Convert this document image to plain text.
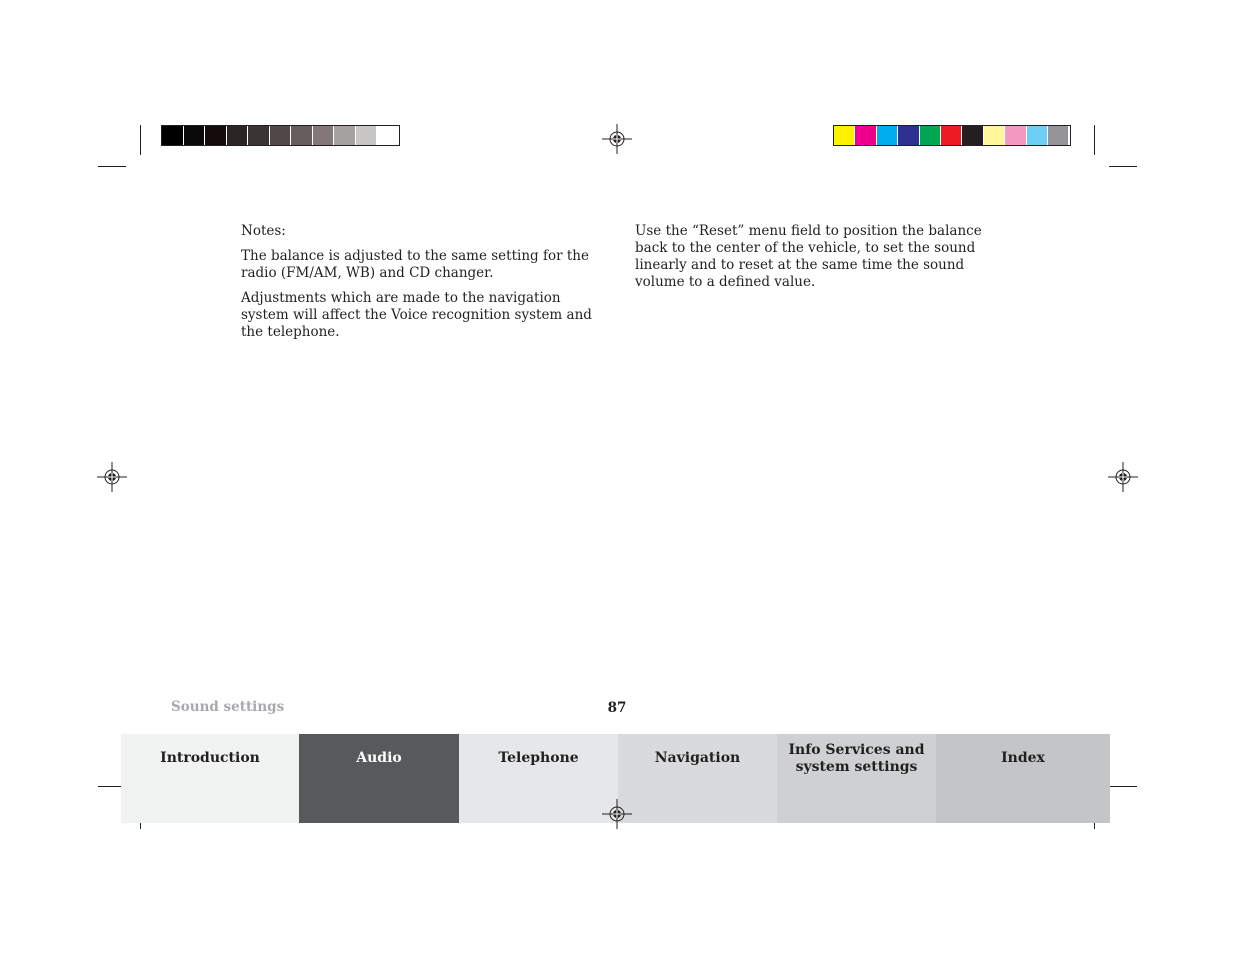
Notes:

The balance is adjusted to the same setting for the radio (FM/AM, WB) and CD changer.

Adjustments which are made to the navigation system will affect the Voice recognition system and the telephone.

Use the “Reset” menu field to position the balance back to the center of the vehicle, to set the sound linearly and to reset at the same time the sound volume to a defined value.

Sound settings	87
Introduction	Audio	Telephone	Navigation	Info Services and
system settings
Index
